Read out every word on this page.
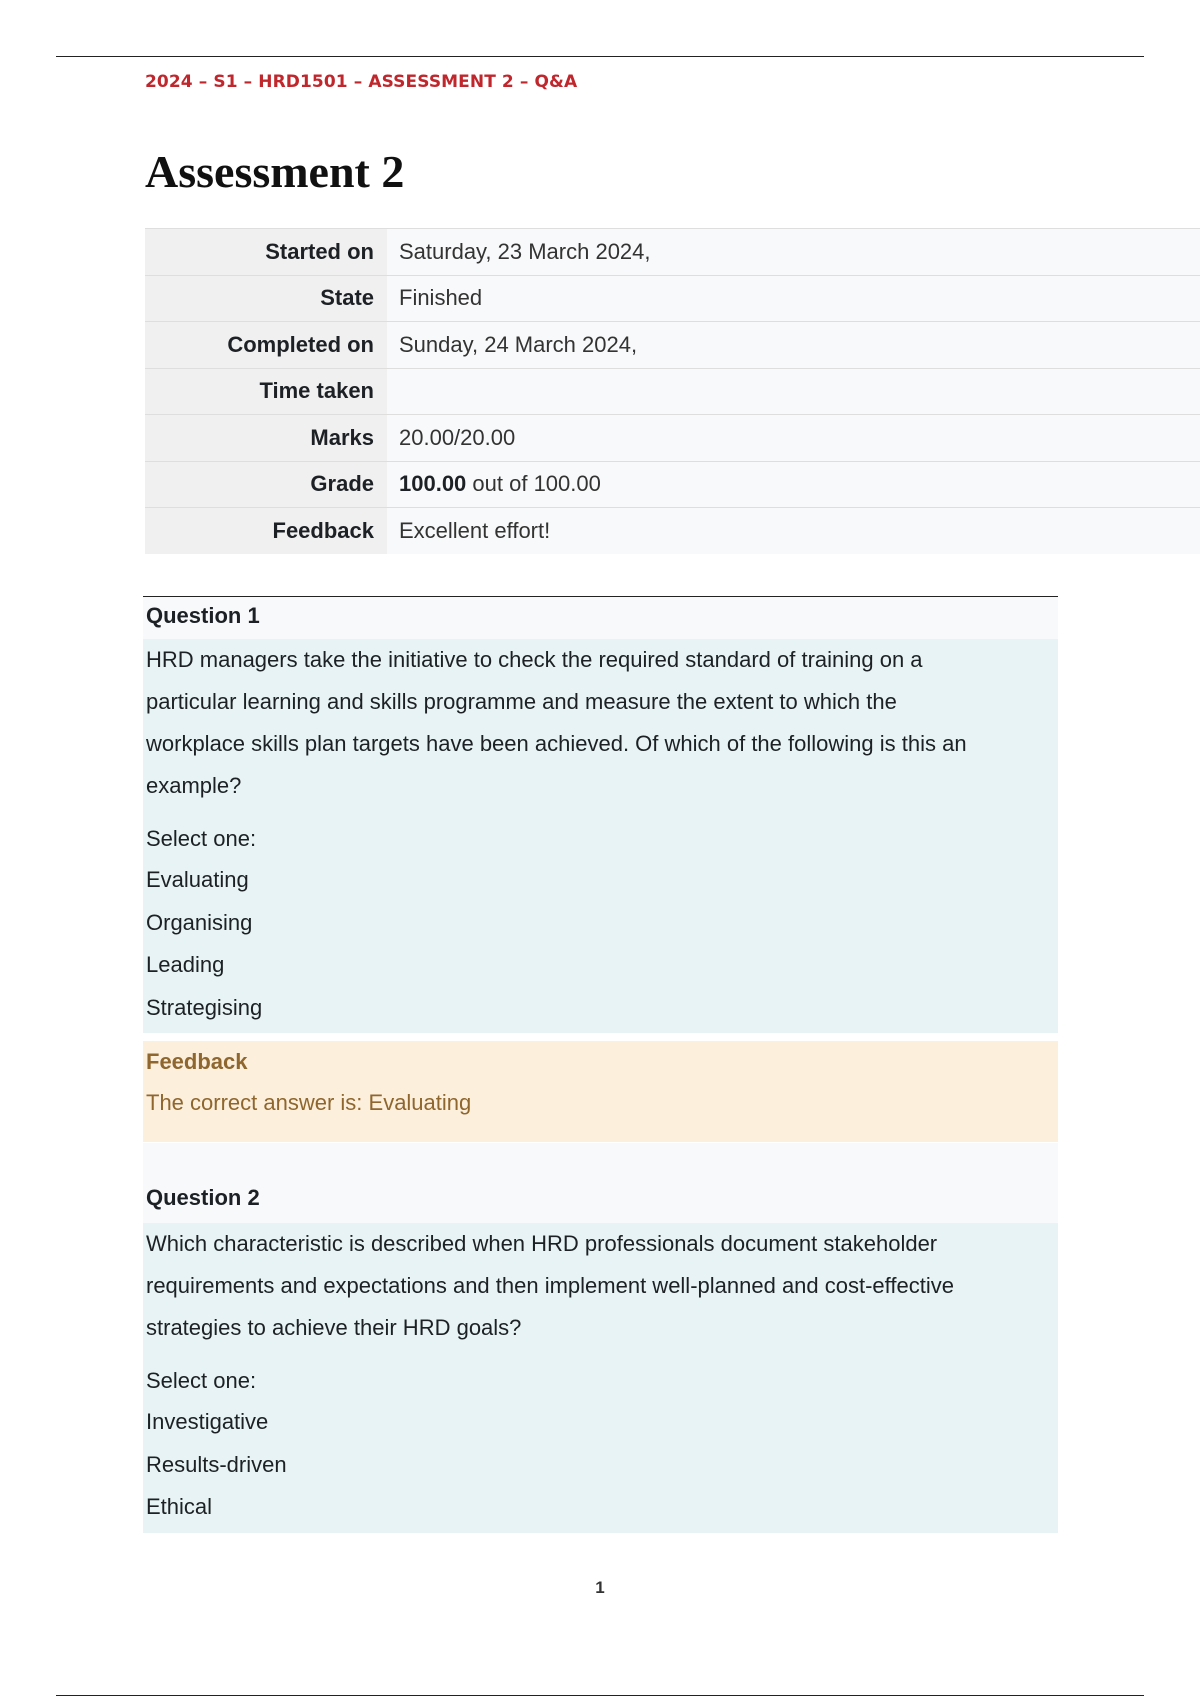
2024 – S1 – HRD1501 – ASSESSMENT 2 – Q&A
Assessment 2
Started on	Saturday, 23 March 2024,
State	Finished
Completed on	Sunday, 24 March 2024,
Time taken	
Marks	20.00/20.00
Grade	100.00 out of 100.00
Feedback	Excellent effort!
Question 1
HRD managers take the initiative to check the required standard of training on a
particular learning and skills programme and measure the extent to which the
workplace skills plan targets have been achieved. Of which of the following is this an
example?
Select one:
Evaluating
Organising
Leading
Strategising
Feedback
The correct answer is: Evaluating
Question 2
Which characteristic is described when HRD professionals document stakeholder
requirements and expectations and then implement well-planned and cost-effective
strategies to achieve their HRD goals?
Select one:
Investigative
Results-driven
Ethical
1
